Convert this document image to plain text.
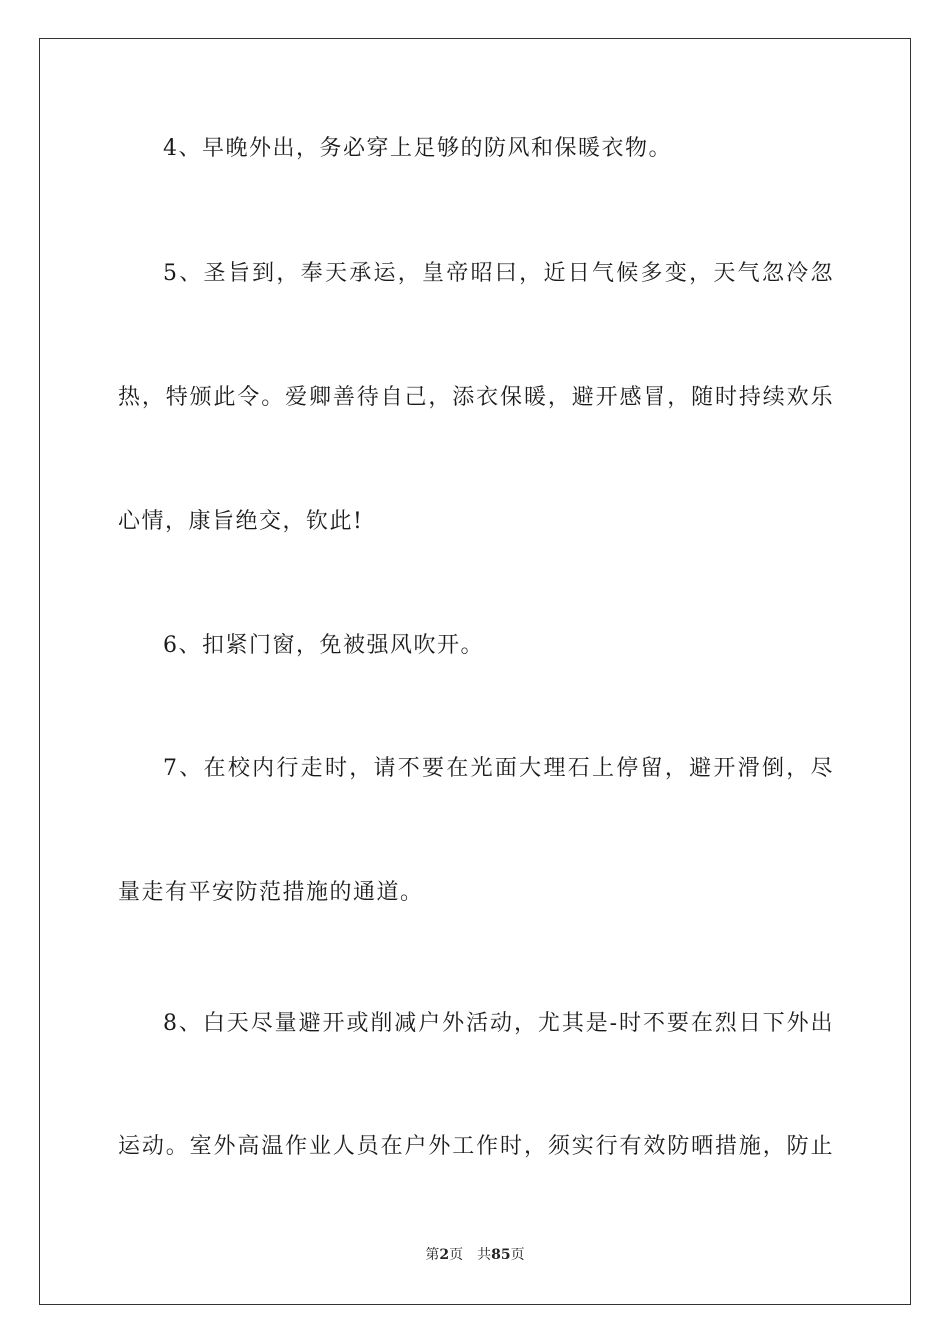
4、早晚外出，务必穿上足够的防风和保暖衣物。
5、圣旨到，奉天承运，皇帝昭曰，近日气候多变，天气忽冷忽
热，特颁此令。爱卿善待自己，添衣保暖，避开感冒，随时持续欢乐
心情，康旨绝交，钦此!
6、扣紧门窗，免被强风吹开。
7、在校内行走时，请不要在光面大理石上停留，避开滑倒，尽
量走有平安防范措施的通道。
8、白天尽量避开或削减户外活动，尤其是-时不要在烈日下外出
运动。室外高温作业人员在户外工作时，须实行有效防晒措施，防止
第2页 共85页
